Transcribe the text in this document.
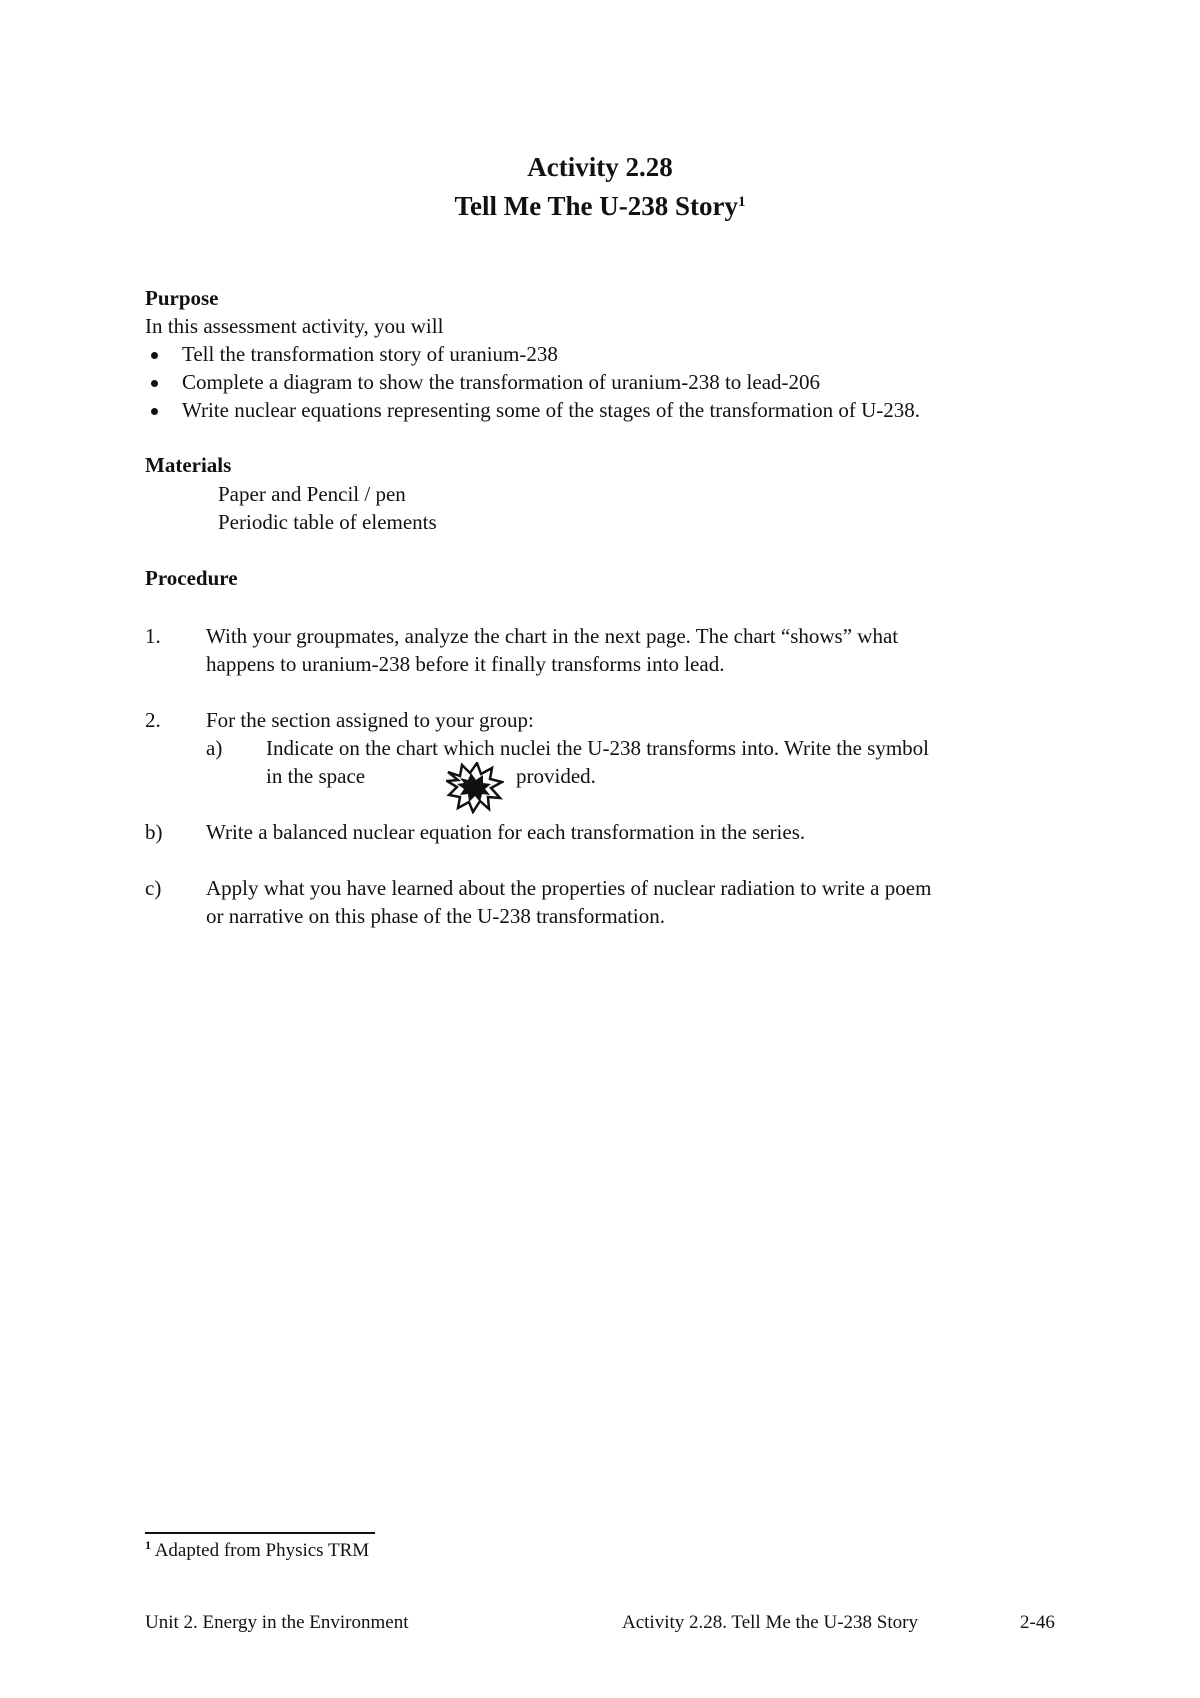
Activity 2.28
Tell Me The U-238 Story$^1$
Purpose
In this assessment activity, you will
Tell the transformation story of uranium-238
Complete a diagram to show the transformation of uranium-238 to lead-206
Write nuclear equations representing some of the stages of the transformation of U-238.
Materials
Paper and Pencil / pen
Periodic table of elements
Procedure
1. With your groupmates, analyze the chart in the next page. The chart “shows” what
happens to uranium-238 before it finally transforms into lead.
2. For the section assigned to your group:
a) Indicate on the chart which nuclei the U-238 transforms into. Write the symbol
in the space	provided.
b) Write a balanced nuclear equation for each transformation in the series.
c) Apply what you have learned about the properties of nuclear radiation to write a poem
or narrative on this phase of the U-238 transformation.
$^1$ Adapted from Physics TRM
Unit 2. Energy in the Environment	Activity 2.28. Tell Me the U-238 Story	2-46
